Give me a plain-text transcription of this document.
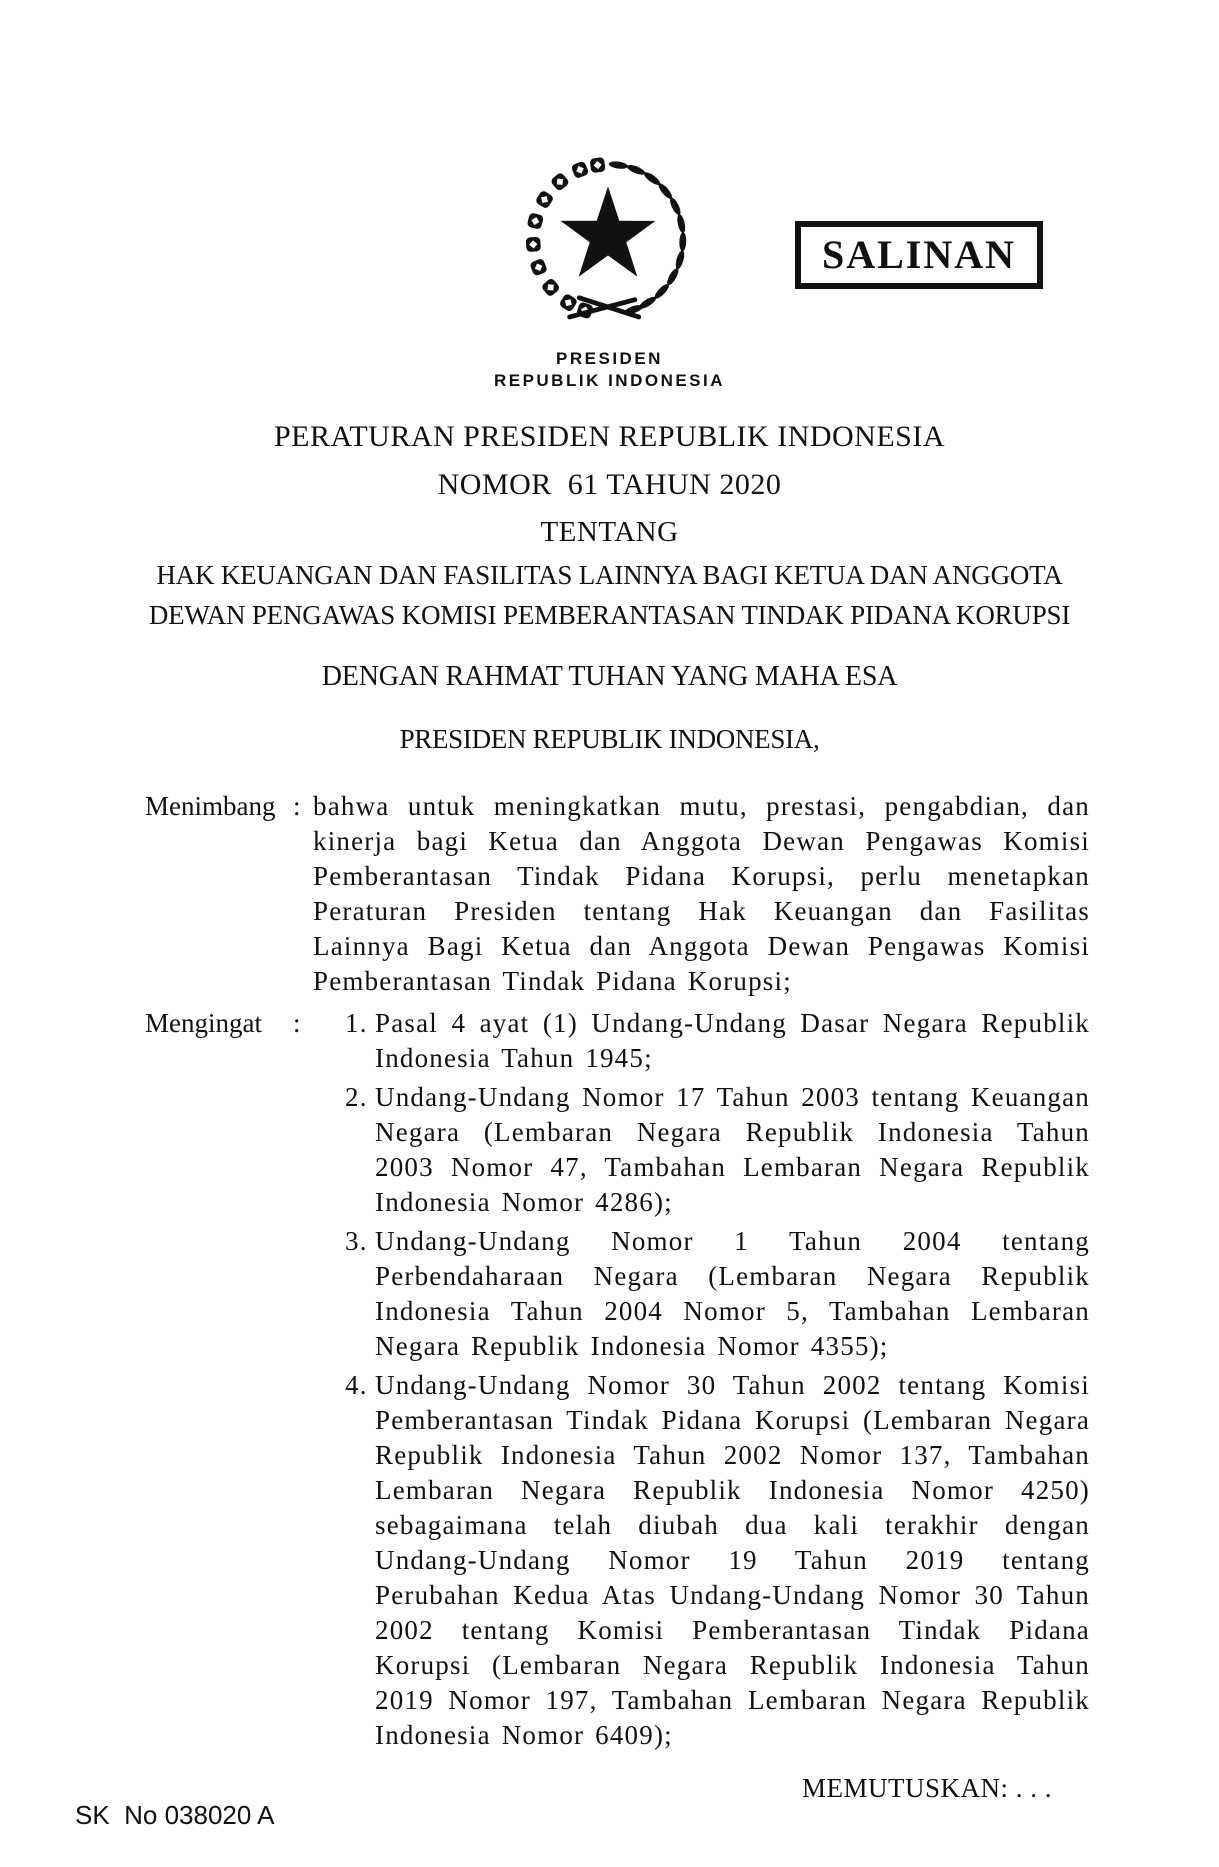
SALINAN
PRESIDEN
REPUBLIK INDONESIA
PERATURAN PRESIDEN REPUBLIK INDONESIA
NOMOR  61 TAHUN 2020
TENTANG
HAK KEUANGAN DAN FASILITAS LAINNYA BAGI KETUA DAN ANGGOTA
DEWAN PENGAWAS KOMISI PEMBERANTASAN TINDAK PIDANA KORUPSI
DENGAN RAHMAT TUHAN YANG MAHA ESA
PRESIDEN REPUBLIK INDONESIA,
Menimbang : bahwa untuk meningkatkan mutu, prestasi, pengabdian, dan kinerja bagi Ketua dan Anggota Dewan Pengawas Komisi Pemberantasan Tindak Pidana Korupsi, perlu menetapkan Peraturan Presiden tentang Hak Keuangan dan Fasilitas Lainnya Bagi Ketua dan Anggota Dewan Pengawas Komisi Pemberantasan Tindak Pidana Korupsi;
Mengingat	:	1. Pasal 4 ayat (1) Undang-Undang Dasar Negara Republik Indonesia Tahun 1945;
2. Undang-Undang Nomor 17 Tahun 2003 tentang Keuangan Negara (Lembaran Negara Republik Indonesia Tahun 2003 Nomor 47, Tambahan Lembaran Negara Republik Indonesia Nomor 4286);
3. Undang-Undang Nomor 1 Tahun 2004 tentang Perbendaharaan Negara (Lembaran Negara Republik Indonesia Tahun 2004 Nomor 5, Tambahan Lembaran Negara Republik Indonesia Nomor 4355);
4. Undang-Undang Nomor 30 Tahun 2002 tentang Komisi Pemberantasan Tindak Pidana Korupsi (Lembaran Negara Republik Indonesia Tahun 2002 Nomor 137, Tambahan Lembaran Negara Republik Indonesia Nomor 4250) sebagaimana telah diubah dua kali terakhir dengan Undang-Undang Nomor 19 Tahun 2019 tentang Perubahan Kedua Atas Undang-Undang Nomor 30 Tahun 2002 tentang Komisi Pemberantasan Tindak Pidana Korupsi (Lembaran Negara Republik Indonesia Tahun 2019 Nomor 197, Tambahan Lembaran Negara Republik Indonesia Nomor 6409);
MEMUTUSKAN: . . .
SK  No 038020 A
